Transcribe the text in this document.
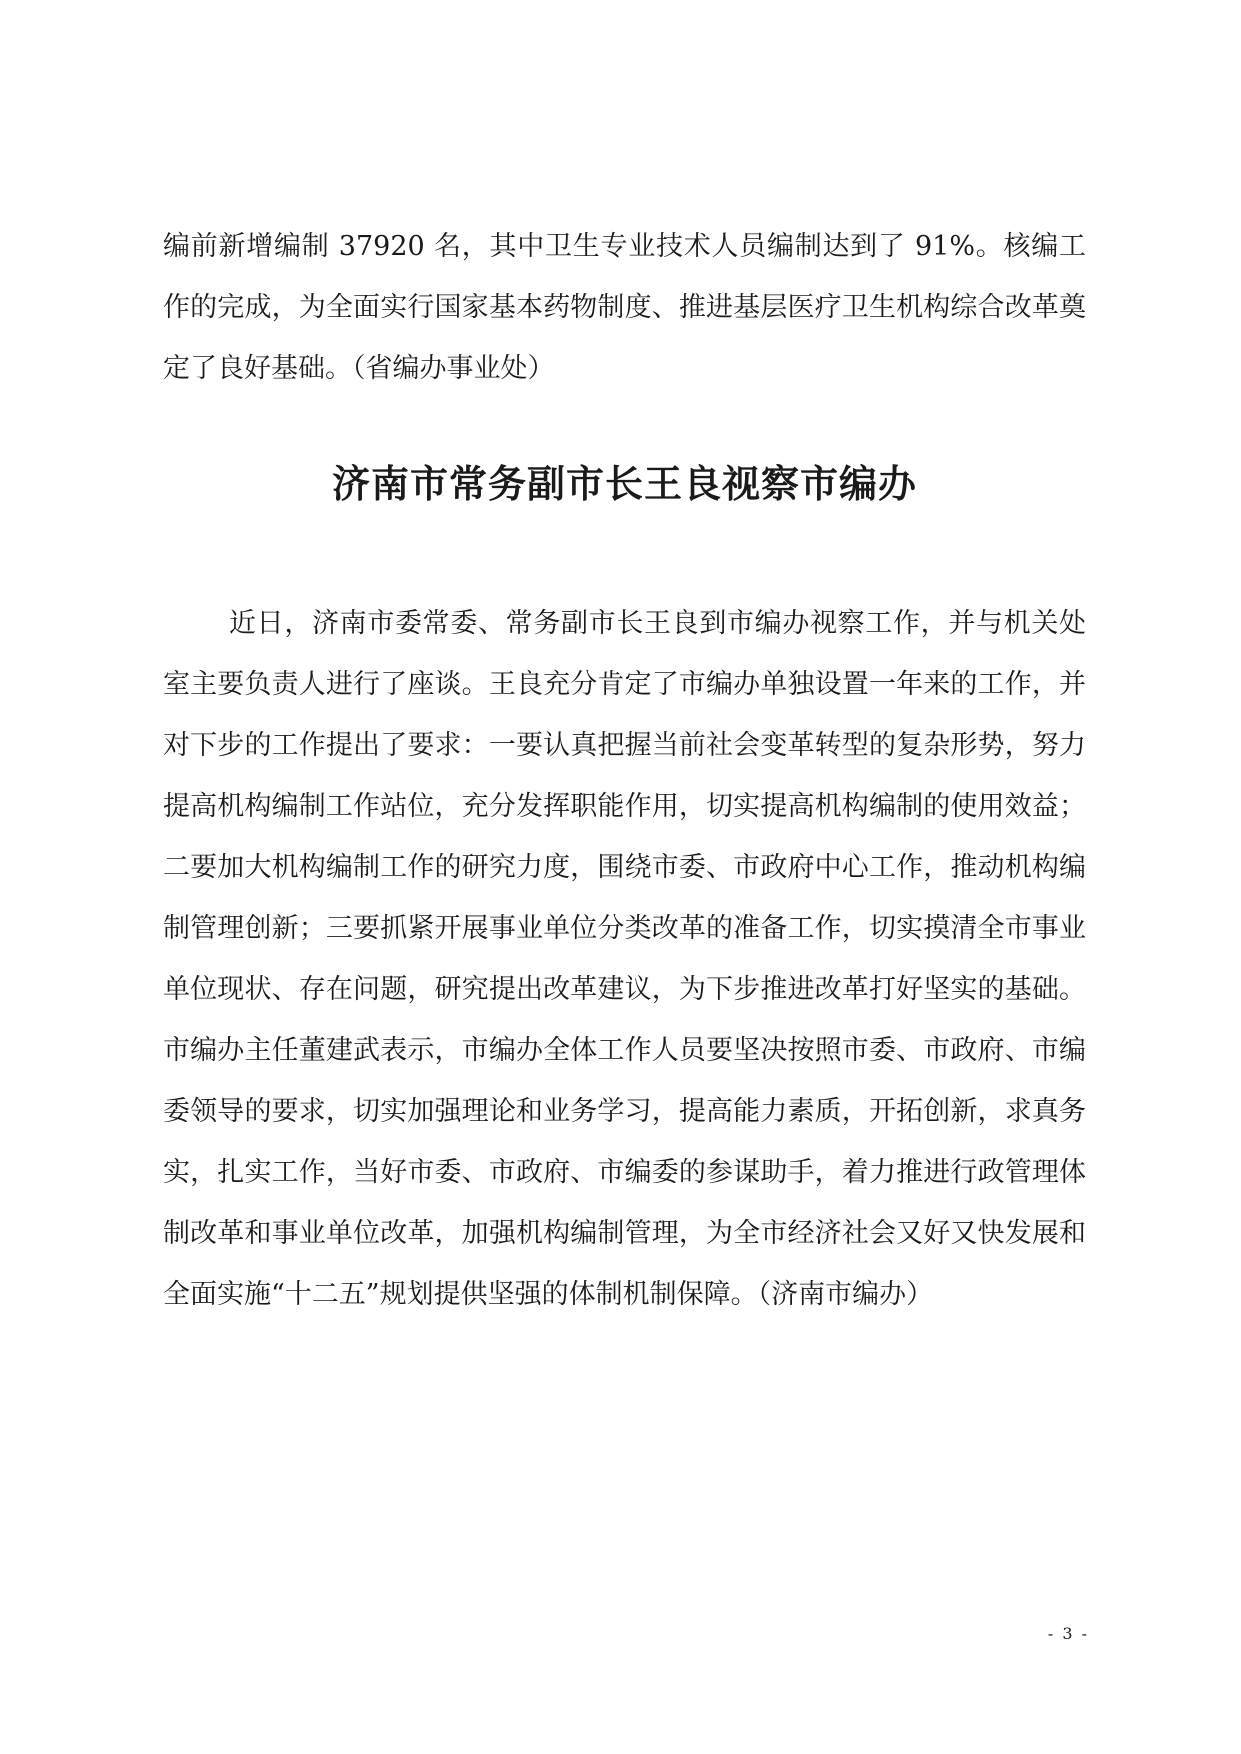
编前新增编制 37920 名，其中卫生专业技术人员编制达到了 91%。核编工作的完成，为全面实行国家基本药物制度、推进基层医疗卫生机构综合改革奠定了良好基础。（省编办事业处）

济南市常务副市长王良视察市编办

近日，济南市委常委、常务副市长王良到市编办视察工作，并与机关处室主要负责人进行了座谈。王良充分肯定了市编办单独设置一年来的工作，并对下步的工作提出了要求：一要认真把握当前社会变革转型的复杂形势，努力提高机构编制工作站位，充分发挥职能作用，切实提高机构编制的使用效益；二要加大机构编制工作的研究力度，围绕市委、市政府中心工作，推动机构编制管理创新；三要抓紧开展事业单位分类改革的准备工作，切实摸清全市事业单位现状、存在问题，研究提出改革建议，为下步推进改革打好坚实的基础。市编办主任董建武表示，市编办全体工作人员要坚决按照市委、市政府、市编委领导的要求，切实加强理论和业务学习，提高能力素质，开拓创新，求真务实，扎实工作，当好市委、市政府、市编委的参谋助手，着力推进行政管理体制改革和事业单位改革，加强机构编制管理，为全市经济社会又好又快发展和全面实施“十二五”规划提供坚强的体制机制保障。（济南市编办）

- 3 -
